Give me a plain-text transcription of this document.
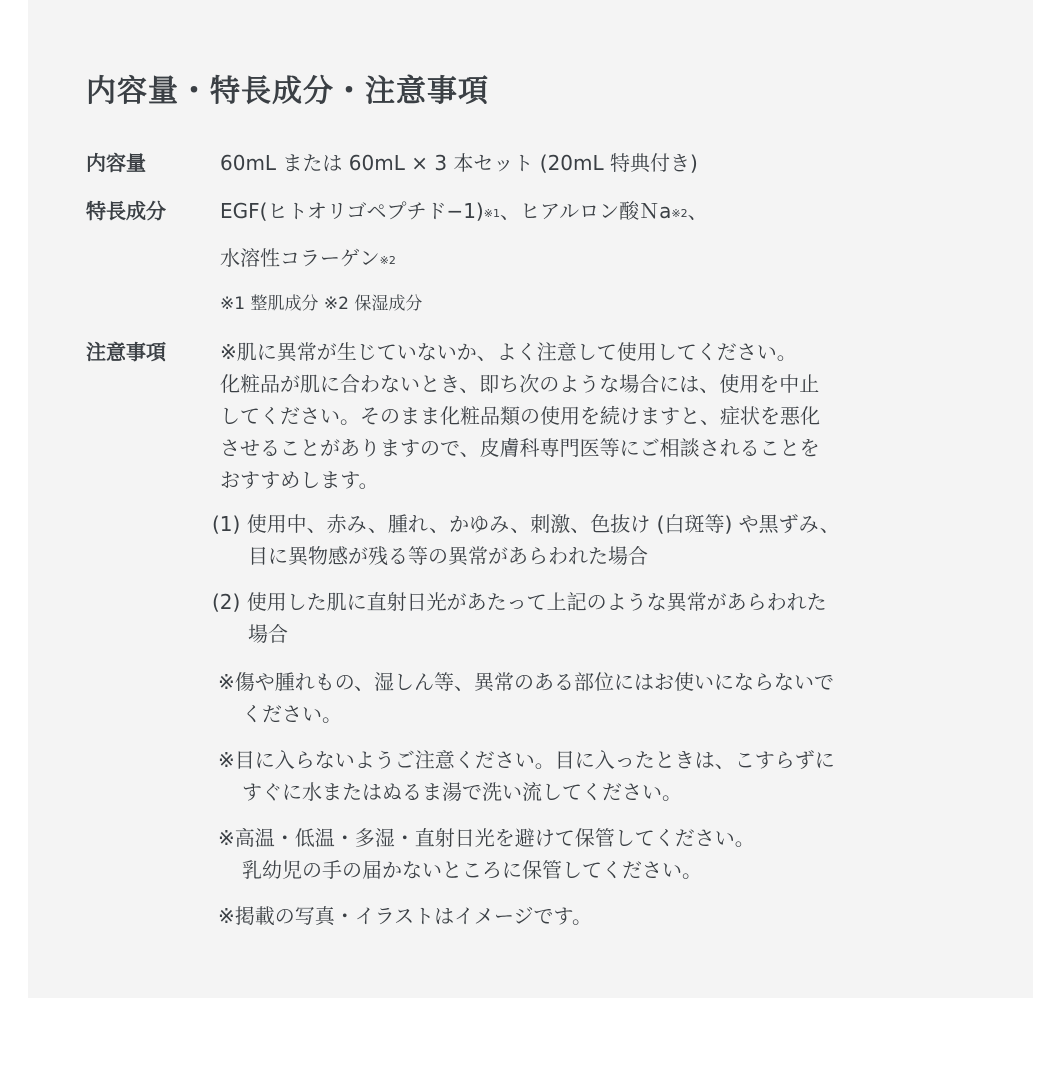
内容量・特長成分・注意事項
内容量	60mL または 60mL × 3 本セット (20mL 特典付き)
特長成分	EGF(ヒトオリゴペプチド−1)$^{※1}$、ヒアルロン酸Ｎa$^{※2}$、
水溶性コラーゲン$^{※2}$
※1 整肌成分 ※2 保湿成分
注意事項	※肌に異常が生じていないか、よく注意して使用してください。
化粧品が肌に合わないとき、即ち次のような場合には、使用を中止
してください。そのまま化粧品類の使用を続けますと、症状を悪化
させることがありますので、皮膚科専門医等にご相談されることを
おすすめします。
(1) 使用中、赤み、腫れ、かゆみ、刺激、色抜け (白斑等) や黒ずみ、
目に異物感が残る等の異常があらわれた場合
(2) 使用した肌に直射日光があたって上記のような異常があらわれた
場合
※傷や腫れもの、湿しん等、異常のある部位にはお使いにならないで
ください。
※目に入らないようご注意ください。目に入ったときは、こすらずに
すぐに水またはぬるま湯で洗い流してください。
※高温・低温・多湿・直射日光を避けて保管してください。
乳幼児の手の届かないところに保管してください。
※掲載の写真・イラストはイメージです。
